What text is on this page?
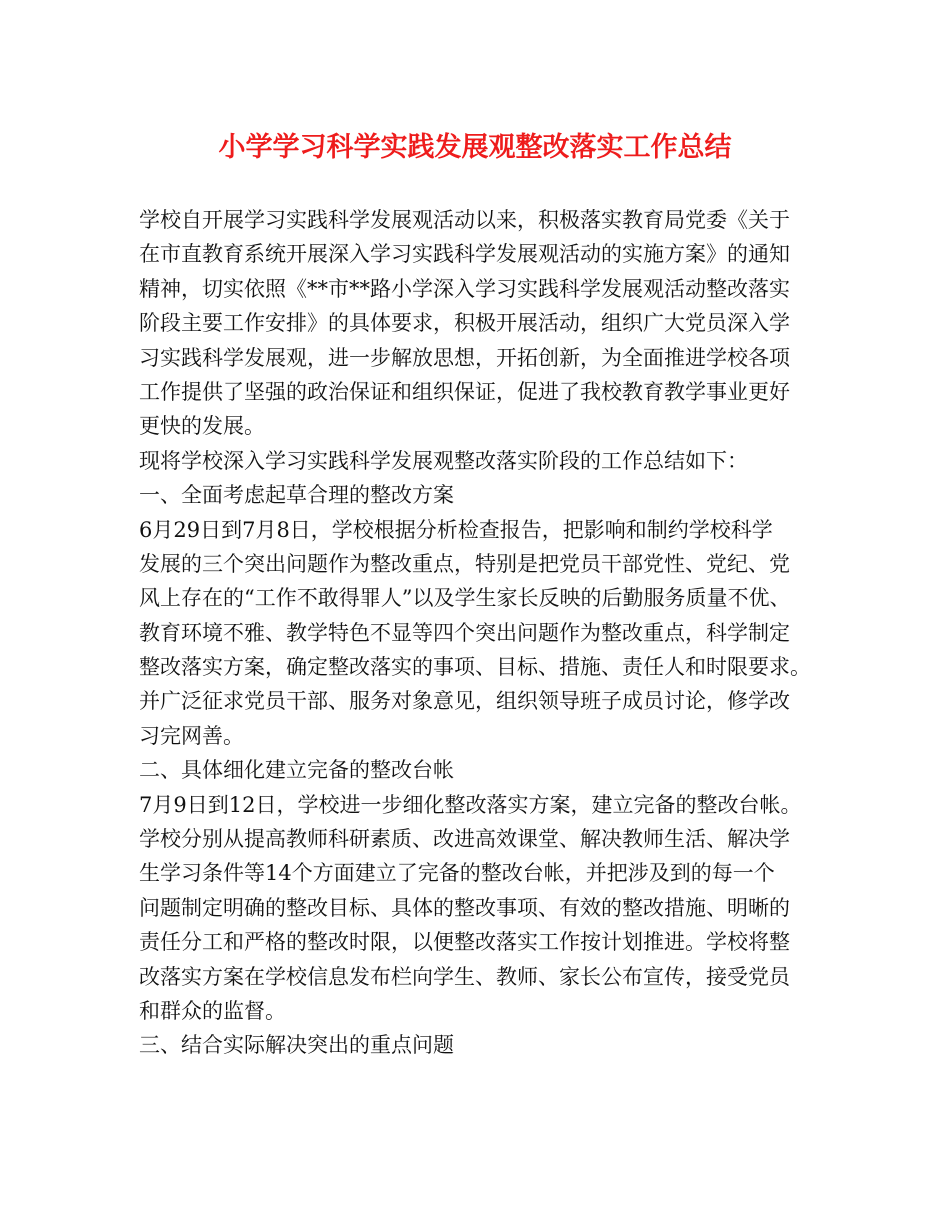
小学学习科学实践发展观整改落实工作总结
学校自开展学习实践科学发展观活动以来，积极落实教育局党委《关于
在市直教育系统开展深入学习实践科学发展观活动的实施方案》的通知
精神，切实依照《**市**路小学深入学习实践科学发展观活动整改落实
阶段主要工作安排》的具体要求，积极开展活动，组织广大党员深入学
习实践科学发展观，进一步解放思想，开拓创新，为全面推进学校各项
工作提供了坚强的政治保证和组织保证，促进了我校教育教学事业更好
更快的发展。
现将学校深入学习实践科学发展观整改落实阶段的工作总结如下：
一、全面考虑起草合理的整改方案
6月29日到7月8日，学校根据分析检查报告，把影响和制约学校科学
发展的三个突出问题作为整改重点，特别是把党员干部党性、党纪、党
风上存在的“工作不敢得罪人”以及学生家长反映的后勤服务质量不优、
教育环境不雅、教学特色不显等四个突出问题作为整改重点，科学制定
整改落实方案，确定整改落实的事项、目标、措施、责任人和时限要求。
并广泛征求党员干部、服务对象意见，组织领导班子成员讨论，修学改
习完网善。
二、具体细化建立完备的整改台帐
7月9日到12日，学校进一步细化整改落实方案，建立完备的整改台帐。
学校分别从提高教师科研素质、改进高效课堂、解决教师生活、解决学
生学习条件等14个方面建立了完备的整改台帐，并把涉及到的每一个
问题制定明确的整改目标、具体的整改事项、有效的整改措施、明晰的
责任分工和严格的整改时限，以便整改落实工作按计划推进。学校将整
改落实方案在学校信息发布栏向学生、教师、家长公布宣传，接受党员
和群众的监督。
三、结合实际解决突出的重点问题
